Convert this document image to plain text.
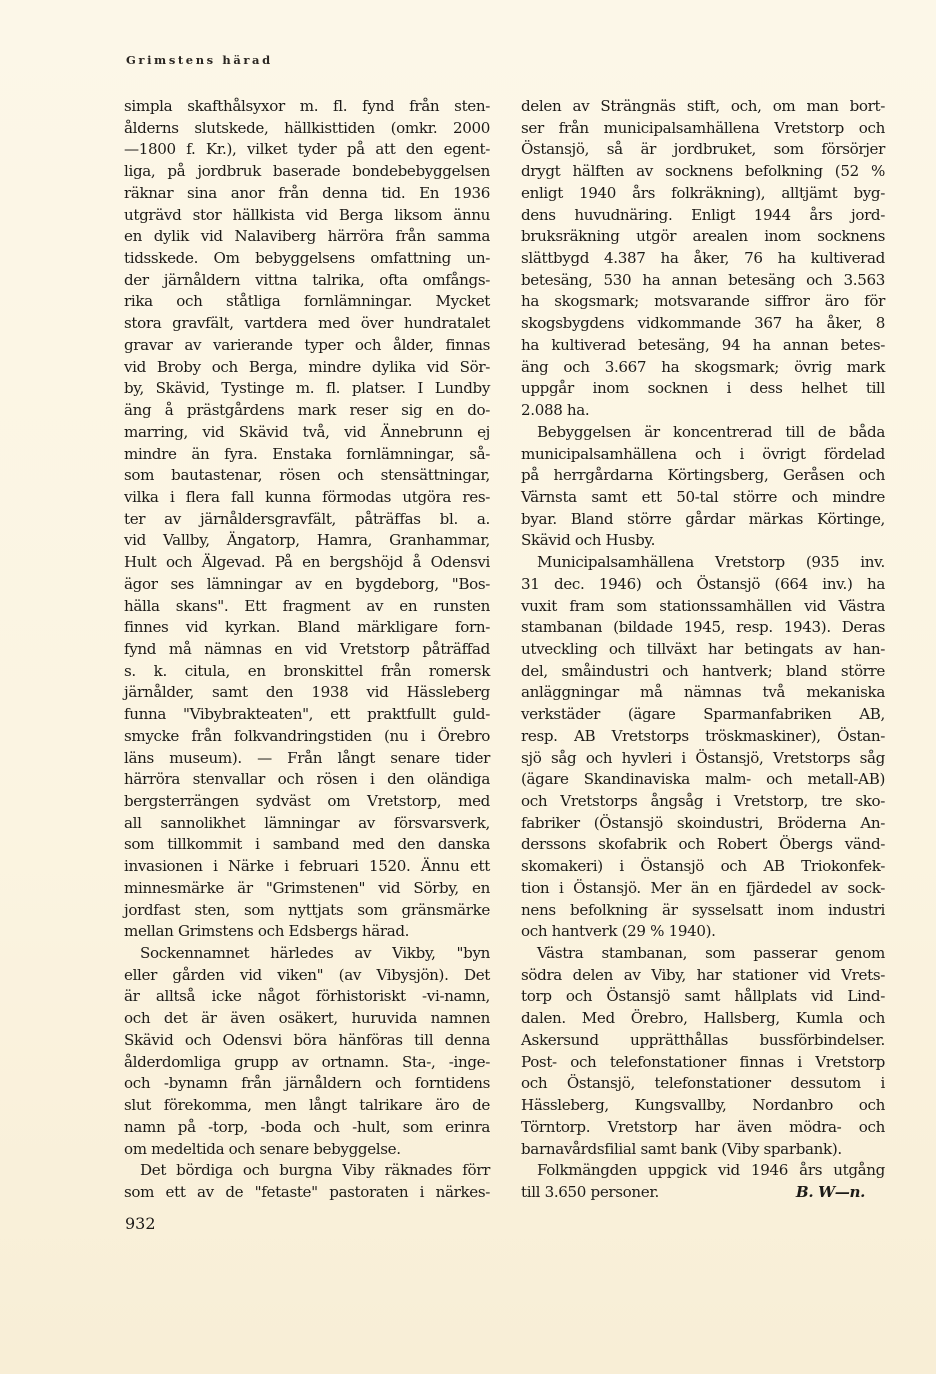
Grimstens härad
simpla skafthålsyxor m. fl. fynd från sten-
ålderns slutskede, hällkisttiden (omkr. 2000
—1800 f. Kr.), vilket tyder på att den egent-
liga, på jordbruk baserade bondebebyggelsen
räknar sina anor från denna tid. En 1936
utgrävd stor hällkista vid Berga liksom ännu
en dylik vid Nalaviberg härröra från samma
tidsskede. Om bebyggelsens omfattning un-
der järnåldern vittna talrika, ofta omfångs-
rika och ståtliga fornlämningar. Mycket
stora gravfält, vartdera med över hundratalet
gravar av varierande typer och ålder, finnas
vid Broby och Berga, mindre dylika vid Sör-
by, Skävid, Tystinge m. fl. platser. I Lundby
äng å prästgårdens mark reser sig en do-
marring, vid Skävid två, vid Ännebrunn ej
mindre än fyra. Enstaka fornlämningar, så-
som bautastenar, rösen och stensättningar,
vilka i flera fall kunna förmodas utgöra res-
ter av järnåldersgravfält, påträffas bl. a.
vid Vallby, Ängatorp, Hamra, Granhammar,
Hult och Älgevad. På en bergshöjd å Odensvi
ägor ses lämningar av en bygdeborg, "Bos-
hälla skans". Ett fragment av en runsten
finnes vid kyrkan. Bland märkligare forn-
fynd må nämnas en vid Vretstorp påträffad
s. k. citula, en bronskittel från romersk
järnålder, samt den 1938 vid Hässleberg
funna "Vibybrakteaten", ett praktfullt guld-
smycke från folkvandringstiden (nu i Örebro
läns museum). — Från långt senare tider
härröra stenvallar och rösen i den oländiga
bergsterrängen sydväst om Vretstorp, med
all sannolikhet lämningar av försvarsverk,
som tillkommit i samband med den danska
invasionen i Närke i februari 1520. Ännu ett
minnesmärke är "Grimstenen" vid Sörby, en
jordfast sten, som nyttjats som gränsmärke
mellan Grimstens och Edsbergs härad.
Sockennamnet härledes av Vikby, "byn
eller gården vid viken" (av Vibysjön). Det
är alltså icke något förhistoriskt -vi-namn,
och det är även osäkert, huruvida namnen
Skävid och Odensvi böra hänföras till denna
ålderdomliga grupp av ortnamn. Sta-, -inge-
och -bynamn från järnåldern och forntidens
slut förekomma, men långt talrikare äro de
namn på -torp, -boda och -hult, som erinra
om medeltida och senare bebyggelse.
Det bördiga och burgna Viby räknades förr
som ett av de "fetaste" pastoraten i närkes-
delen av Strängnäs stift, och, om man bort-
ser från municipalsamhällena Vretstorp och
Östansjö, så är jordbruket, som försörjer
drygt hälften av socknens befolkning (52 %
enligt 1940 års folkräkning), alltjämt byg-
dens huvudnäring. Enligt 1944 års jord-
bruksräkning utgör arealen inom socknens
slättbygd 4.387 ha åker, 76 ha kultiverad
betesäng, 530 ha annan betesäng och 3.563
ha skogsmark; motsvarande siffror äro för
skogsbygdens vidkommande 367 ha åker, 8
ha kultiverad betesäng, 94 ha annan betes-
äng och 3.667 ha skogsmark; övrig mark
uppgår inom socknen i dess helhet till
2.088 ha.
Bebyggelsen är koncentrerad till de båda
municipalsamhällena och i övrigt fördelad
på herrgårdarna Körtingsberg, Geråsen och
Värnsta samt ett 50-tal större och mindre
byar. Bland större gårdar märkas Körtinge,
Skävid och Husby.
Municipalsamhällena Vretstorp (935 inv.
31 dec. 1946) och Östansjö (664 inv.) ha
vuxit fram som stationssamhällen vid Västra
stambanan (bildade 1945, resp. 1943). Deras
utveckling och tillväxt har betingats av han-
del, småindustri och hantverk; bland större
anläggningar må nämnas två mekaniska
verkstäder (ägare Sparmanfabriken AB,
resp. AB Vretstorps tröskmaskiner), Östan-
sjö såg och hyvleri i Östansjö, Vretstorps såg
(ägare Skandinaviska malm- och metall-AB)
och Vretstorps ångsåg i Vretstorp, tre sko-
fabriker (Östansjö skoindustri, Bröderna An-
derssons skofabrik och Robert Öbergs vänd-
skomakeri) i Östansjö och AB Triokonfek-
tion i Östansjö. Mer än en fjärdedel av sock-
nens befolkning är sysselsatt inom industri
och hantverk (29 % 1940).
Västra stambanan, som passerar genom
södra delen av Viby, har stationer vid Vrets-
torp och Östansjö samt hållplats vid Lind-
dalen. Med Örebro, Hallsberg, Kumla och
Askersund upprätthållas bussförbindelser.
Post- och telefonstationer finnas i Vretstorp
och Östansjö, telefonstationer dessutom i
Hässleberg, Kungsvallby, Nordanbro och
Törntorp. Vretstorp har även mödra- och
barnavårdsfilial samt bank (Viby sparbank).
Folkmängden uppgick vid 1946 års utgång
till 3.650 personer.	B. W—n.
932
